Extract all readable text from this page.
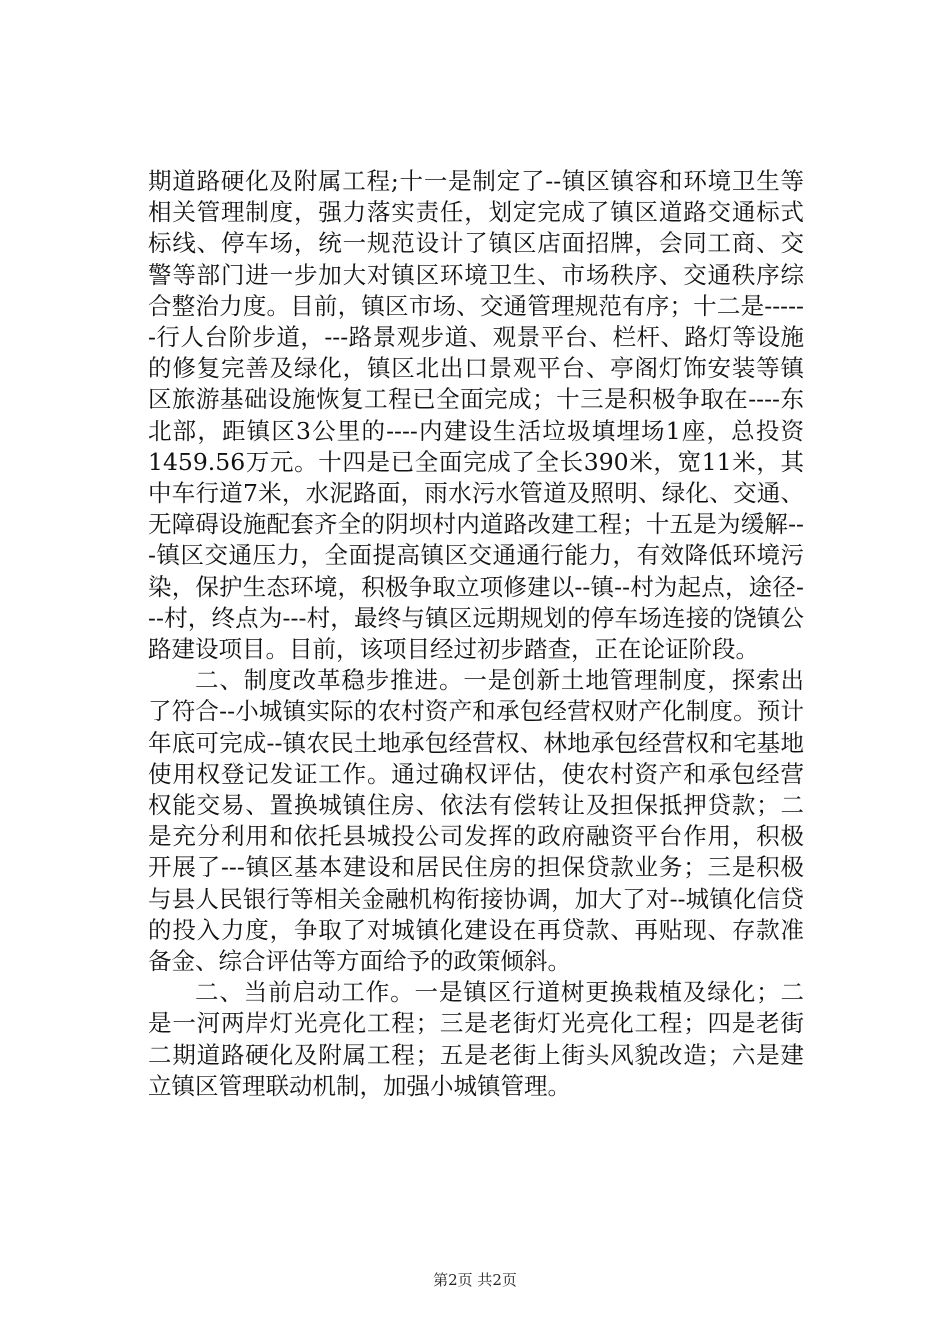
期道路硬化及附属工程;十一是制定了--镇区镇容和环境卫生等相关管理制度，强力落实责任，划定完成了镇区道路交通标式标线、停车场，统一规范设计了镇区店面招牌，会同工商、交警等部门进一步加大对镇区环境卫生、市场秩序、交通秩序综合整治力度。目前，镇区市场、交通管理规范有序；十二是------行人台阶步道，---路景观步道、观景平台、栏杆、路灯等设施的修复完善及绿化，镇区北出口景观平台、亭阁灯饰安装等镇区旅游基础设施恢复工程已全面完成；十三是积极争取在----东北部，距镇区3公里的----内建设生活垃圾填埋场1座，总投资1459.56万元。十四是已全面完成了全长390米，宽11米，其中车行道7米，水泥路面，雨水污水管道及照明、绿化、交通、无障碍设施配套齐全的阴坝村内道路改建工程；十五是为缓解---镇区交通压力，全面提高镇区交通通行能力，有效降低环境污染，保护生态环境，积极争取立项修建以--镇--村为起点，途径---村，终点为---村，最终与镇区远期规划的停车场连接的饶镇公路建设项目。目前，该项目经过初步踏查，正在论证阶段。

二、制度改革稳步推进。一是创新土地管理制度，探索出了符合--小城镇实际的农村资产和承包经营权财产化制度。预计年底可完成--镇农民土地承包经营权、林地承包经营权和宅基地使用权登记发证工作。通过确权评估，使农村资产和承包经营权能交易、置换城镇住房、依法有偿转让及担保抵押贷款；二是充分利用和依托县城投公司发挥的政府融资平台作用，积极开展了---镇区基本建设和居民住房的担保贷款业务；三是积极与县人民银行等相关金融机构衔接协调，加大了对--城镇化信贷的投入力度，争取了对城镇化建设在再贷款、再贴现、存款准备金、综合评估等方面给予的政策倾斜。

二、当前启动工作。一是镇区行道树更换栽植及绿化；二是一河两岸灯光亮化工程；三是老街灯光亮化工程；四是老街二期道路硬化及附属工程；五是老街上街头风貌改造；六是建立镇区管理联动机制，加强小城镇管理。

第2页 共2页
